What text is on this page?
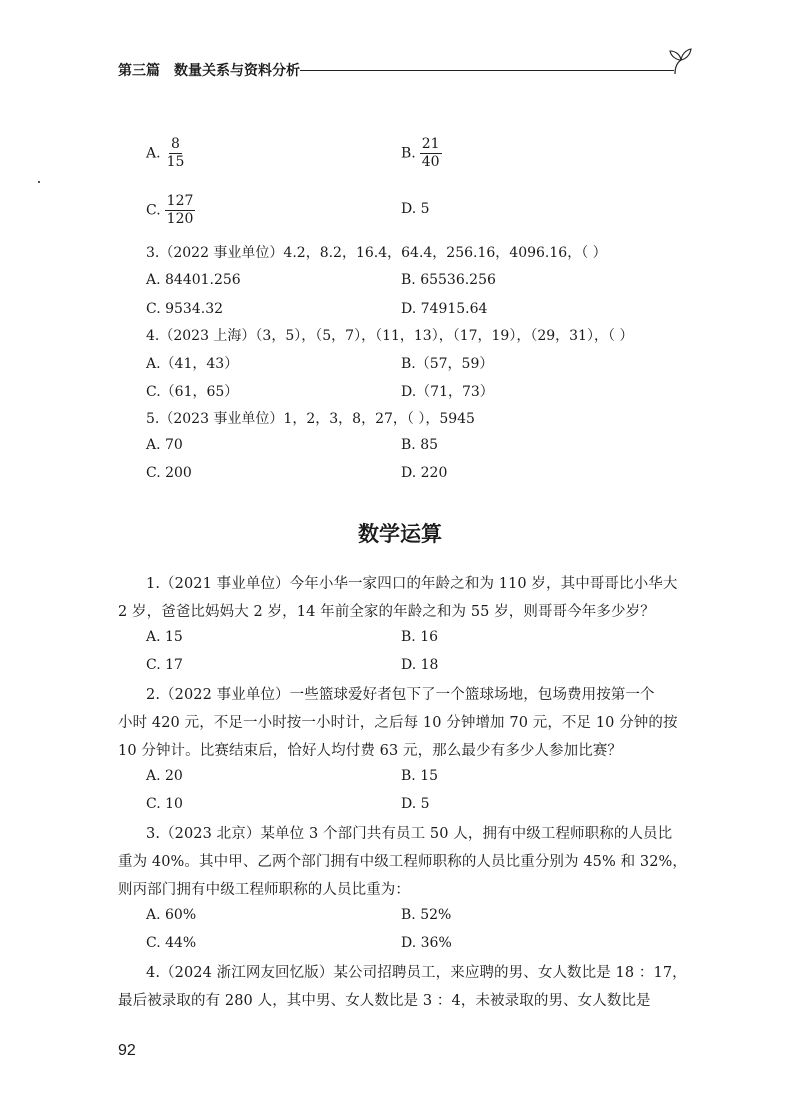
第三篇　数量关系与资料分析
A. $\frac{8}{15}$	B. $\frac{21}{40}$
C. $\frac{127}{120}$	D. 5
3.（2022 事业单位）4.2，8.2，16.4，64.4，256.16，4096.16，（ ）
A. 84401.256	B. 65536.256
C. 9534.32	D. 74915.64
4.（2023 上海）（3，5），（5，7），（11，13），（17，19），（29，31），（ ）
A.（41，43）	B.（57，59）
C.（61，65）	D.（71，73）
5.（2023 事业单位）1，2，3，8，27，（ ），5945
A. 70	B. 85
C. 200	D. 220
数学运算
1.（2021 事业单位）今年小华一家四口的年龄之和为 110 岁，其中哥哥比小华大
2 岁，爸爸比妈妈大 2 岁，14 年前全家的年龄之和为 55 岁，则哥哥今年多少岁？
A. 15	B. 16
C. 17	D. 18
2.（2022 事业单位）一些篮球爱好者包下了一个篮球场地，包场费用按第一个
小时 420 元，不足一小时按一小时计，之后每 10 分钟增加 70 元，不足 10 分钟的按
10 分钟计。比赛结束后，恰好人均付费 63 元，那么最少有多少人参加比赛？
A. 20	B. 15
C. 10	D. 5
3.（2023 北京）某单位 3 个部门共有员工 50 人，拥有中级工程师职称的人员比
重为 40%。其中甲、乙两个部门拥有中级工程师职称的人员比重分别为 45% 和 32%，
则丙部门拥有中级工程师职称的人员比重为：
A. 60%	B. 52%
C. 44%	D. 36%
4.（2024 浙江网友回忆版）某公司招聘员工，来应聘的男、女人数比是 18 ：17，
最后被录取的有 280 人，其中男、女人数比是 3 ：4，未被录取的男、女人数比是
92
